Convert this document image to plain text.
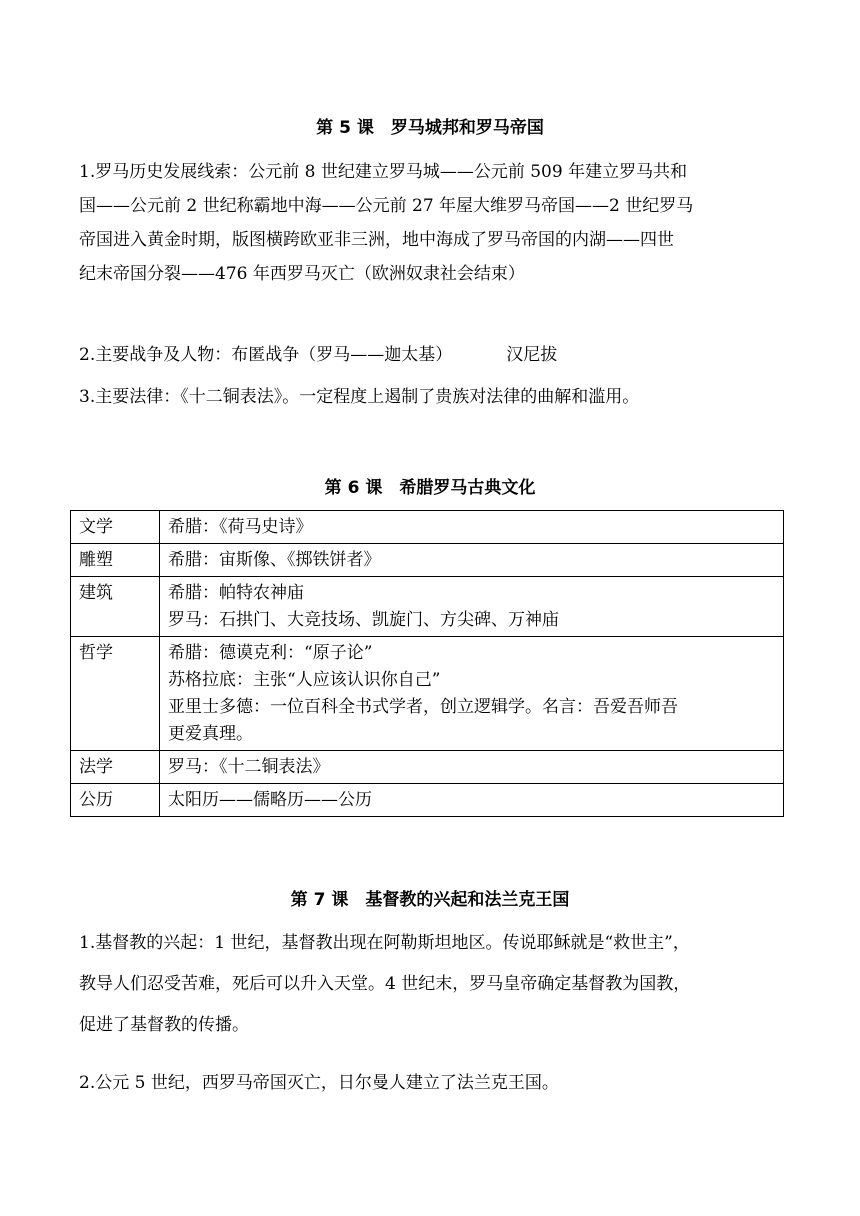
第 5 课　罗马城邦和罗马帝国
1.罗马历史发展线索：公元前 8 世纪建立罗马城——公元前 509 年建立罗马共和
国——公元前 2 世纪称霸地中海——公元前 27 年屋大维罗马帝国——2 世纪罗马
帝国进入黄金时期，版图横跨欧亚非三洲，地中海成了罗马帝国的内湖——四世
纪末帝国分裂——476 年西罗马灭亡（欧洲奴隶社会结束）
2.主要战争及人物：布匿战争（罗马——迦太基）	汉尼拔
3.主要法律：《十二铜表法》。一定程度上遏制了贵族对法律的曲解和滥用。
第 6 课　希腊罗马古典文化
文学	希腊：《荷马史诗》

雕塑	希腊：宙斯像、《掷铁饼者》

建筑	希腊：帕特农神庙
罗马：石拱门、大竞技场、凯旋门、方尖碑、万神庙

哲学	希腊：德谟克利：“原子论”
苏格拉底：主张“人应该认识你自己”
亚里士多德：一位百科全书式学者，创立逻辑学。名言：吾爱吾师吾
更爱真理。

法学	罗马：《十二铜表法》

公历	太阳历——儒略历——公历
第 7 课　基督教的兴起和法兰克王国
1.基督教的兴起：1 世纪，基督教出现在阿勒斯坦地区。传说耶稣就是“救世主”，
教导人们忍受苦难，死后可以升入天堂。4 世纪末，罗马皇帝确定基督教为国教，
促进了基督教的传播。
2.公元 5 世纪，西罗马帝国灭亡，日尔曼人建立了法兰克王国。
